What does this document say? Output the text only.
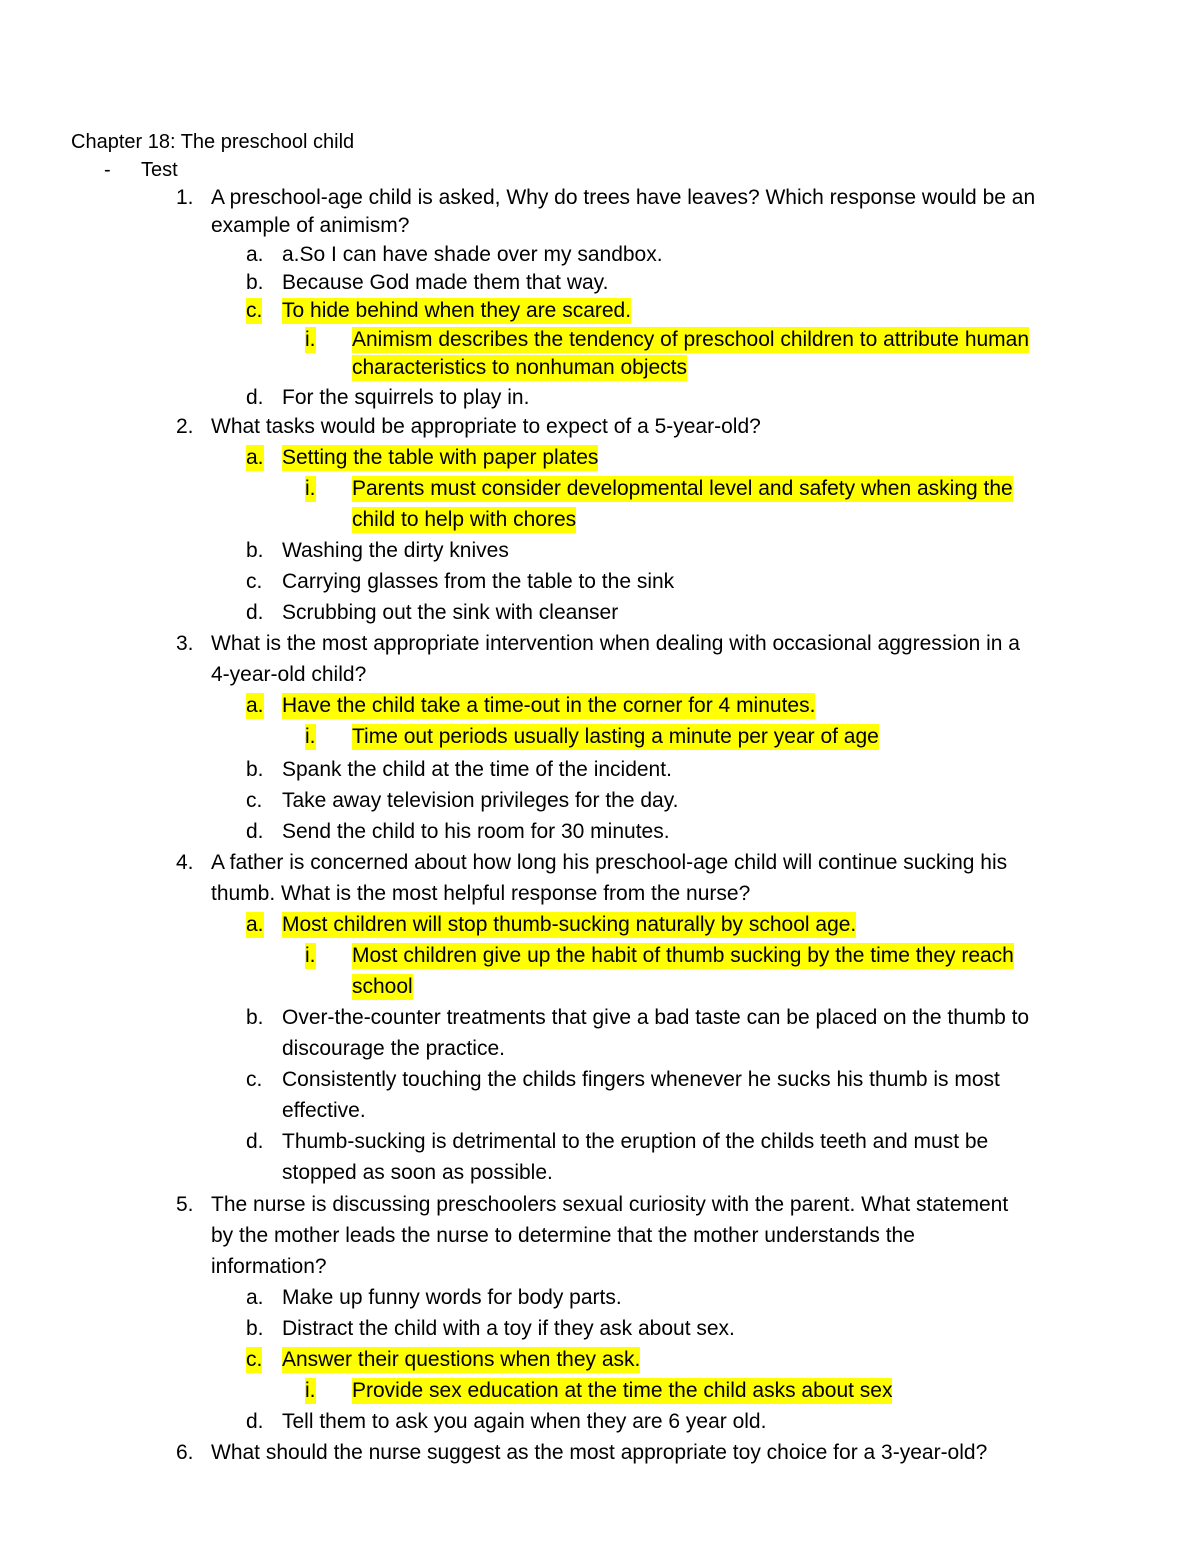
Chapter 18: The preschool child
- Test
1. A preschool-age child is asked, Why do trees have leaves? Which response would be an
example of animism?
a. a.So I can have shade over my sandbox.
b. Because God made them that way.
c. To hide behind when they are scared.
i. Animism describes the tendency of preschool children to attribute human
characteristics to nonhuman objects
d. For the squirrels to play in.
2. What tasks would be appropriate to expect of a 5-year-old?
a. Setting the table with paper plates
i. Parents must consider developmental level and safety when asking the
child to help with chores
b. Washing the dirty knives
c. Carrying glasses from the table to the sink
d. Scrubbing out the sink with cleanser
3. What is the most appropriate intervention when dealing with occasional aggression in a
4-year-old child?
a. Have the child take a time-out in the corner for 4 minutes.
i. Time out periods usually lasting a minute per year of age
b. Spank the child at the time of the incident.
c. Take away television privileges for the day.
d. Send the child to his room for 30 minutes.
4. A father is concerned about how long his preschool-age child will continue sucking his
thumb. What is the most helpful response from the nurse?
a. Most children will stop thumb-sucking naturally by school age.
i. Most children give up the habit of thumb sucking by the time they reach
school
b. Over-the-counter treatments that give a bad taste can be placed on the thumb to
discourage the practice.
c. Consistently touching the childs fingers whenever he sucks his thumb is most
effective.
d. Thumb-sucking is detrimental to the eruption of the childs teeth and must be
stopped as soon as possible.
5. The nurse is discussing preschoolers sexual curiosity with the parent. What statement
by the mother leads the nurse to determine that the mother understands the
information?
a. Make up funny words for body parts.
b. Distract the child with a toy if they ask about sex.
c. Answer their questions when they ask.
i. Provide sex education at the time the child asks about sex
d. Tell them to ask you again when they are 6 year old.
6. What should the nurse suggest as the most appropriate toy choice for a 3-year-old?
